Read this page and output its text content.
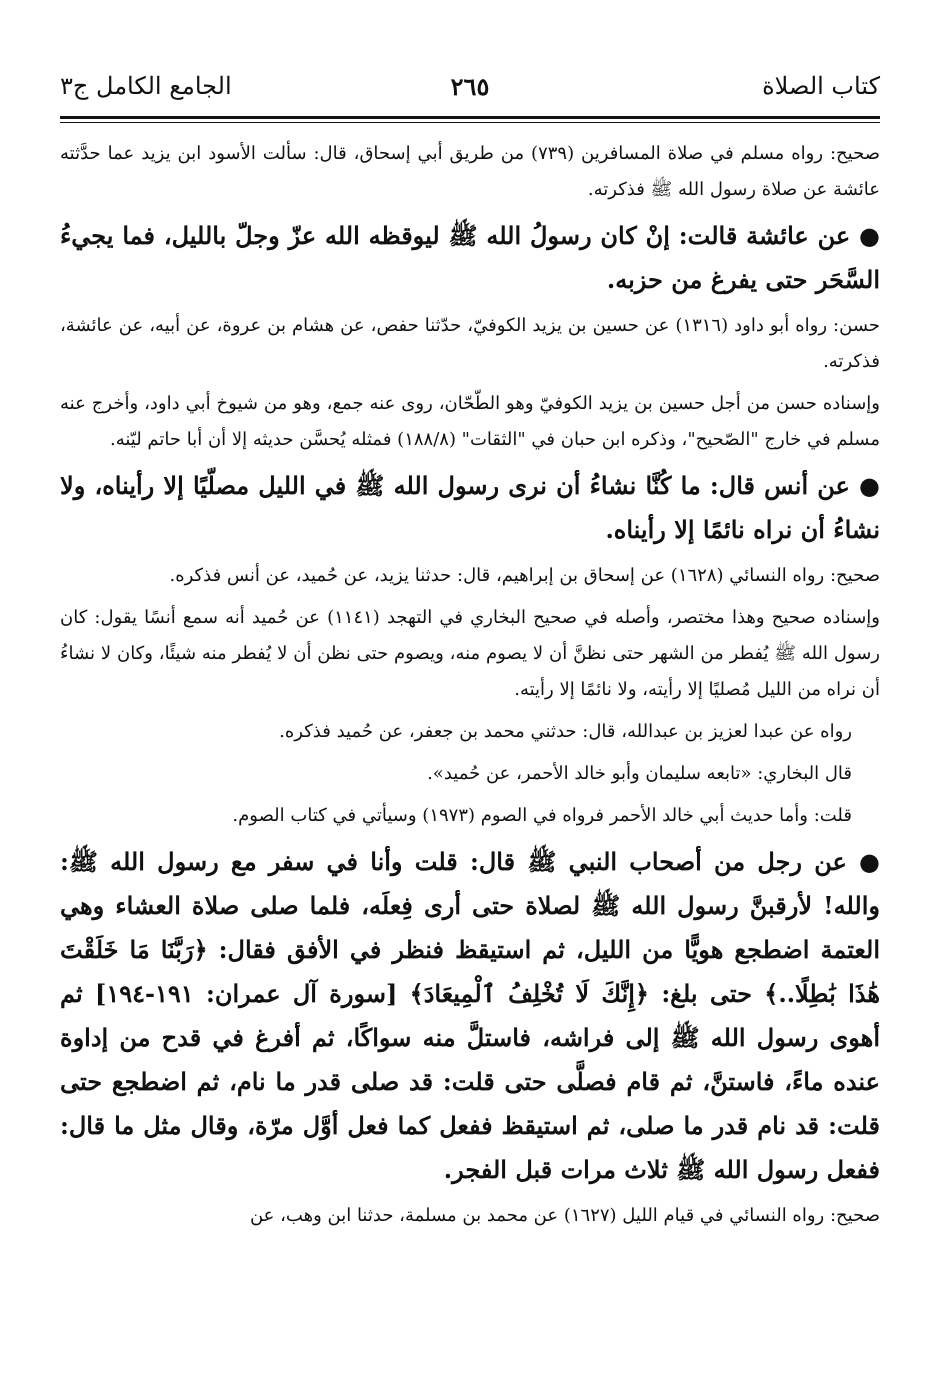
كتاب الصلاة
٢٦٥
الجامع الكامل ج٣

صحيح: رواه مسلم في صلاة المسافرين (٧٣٩) من طريق أبي إسحاق، قال: سألت الأسود ابن يزيد عما حدَّثته عائشة عن صلاة رسول الله ﷺ فذكرته.

● عن عائشة قالت: إنْ كان رسولُ الله ﷺ ليوقظه الله عزّ وجلّ بالليل، فما يجيءُ السَّحَر حتى يفرغ من حزبه.

حسن: رواه أبو داود (١٣١٦) عن حسين بن يزيد الكوفيّ، حدّثنا حفص، عن هشام بن عروة، عن أبيه، عن عائشة، فذكرته.

وإسناده حسن من أجل حسين بن يزيد الكوفيّ وهو الطّحّان، روى عنه جمع، وهو من شيوخ أبي داود، وأخرج عنه مسلم في خارج "الصّحيح"، وذكره ابن حبان في "الثقات" (١٨٨/٨) فمثله يُحسَّن حديثه إلا أن أبا حاتم ليّنه.

● عن أنس قال: ما كُنَّا نشاءُ أن نرى رسول الله ﷺ في الليل مصلّيًا إلا رأيناه، ولا نشاءُ أن نراه نائمًا إلا رأيناه.

صحيح: رواه النسائي (١٦٢٨) عن إسحاق بن إبراهيم، قال: حدثنا يزيد، عن حُميد، عن أنس فذكره.

وإسناده صحيح وهذا مختصر، وأصله في صحيح البخاري في التهجد (١١٤١) عن حُميد أنه سمع أنسًا يقول: كان رسول الله ﷺ يُفطر من الشهر حتى نظنَّ أن لا يصوم منه، ويصوم حتى نظن أن لا يُفطر منه شيئًا، وكان لا نشاءُ أن نراه من الليل مُصليًا إلا رأيته، ولا نائمًا إلا رأيته.

رواه عن عبدا لعزيز بن عبدالله، قال: حدثني محمد بن جعفر، عن حُميد فذكره.

قال البخاري: «تابعه سليمان وأبو خالد الأحمر، عن حُميد».

قلت: وأما حديث أبي خالد الأحمر فرواه في الصوم (١٩٧٣) وسيأتي في كتاب الصوم.

● عن رجل من أصحاب النبي ﷺ قال: قلت وأنا في سفر مع رسول الله ﷺ: والله! لأرقبنَّ رسول الله ﷺ لصلاة حتى أرى فِعلَه، فلما صلى صلاة العشاء وهي العتمة اضطجع هويًّا من الليل، ثم استيقظ فنظر في الأفق فقال: ﴿رَبَّنَا مَا خَلَقْتَ هَٰذَا بَٰطِلًا..﴾ حتى بلغ: ﴿إِنَّكَ لَا تُخْلِفُ ٱلْمِيعَادَ﴾ [سورة آل عمران: ١٩١-١٩٤] ثم أهوى رسول الله ﷺ إلى فراشه، فاستلَّ منه سواكًا، ثم أفرغ في قدح من إداوة عنده ماءً، فاستنَّ، ثم قام فصلَّى حتى قلت: قد صلى قدر ما نام، ثم اضطجع حتى قلت: قد نام قدر ما صلى، ثم استيقظ ففعل كما فعل أوَّل مرّة، وقال مثل ما قال: ففعل رسول الله ﷺ ثلاث مرات قبل الفجر.

صحيح: رواه النسائي في قيام الليل (١٦٢٧) عن محمد بن مسلمة، حدثنا ابن وهب، عن
